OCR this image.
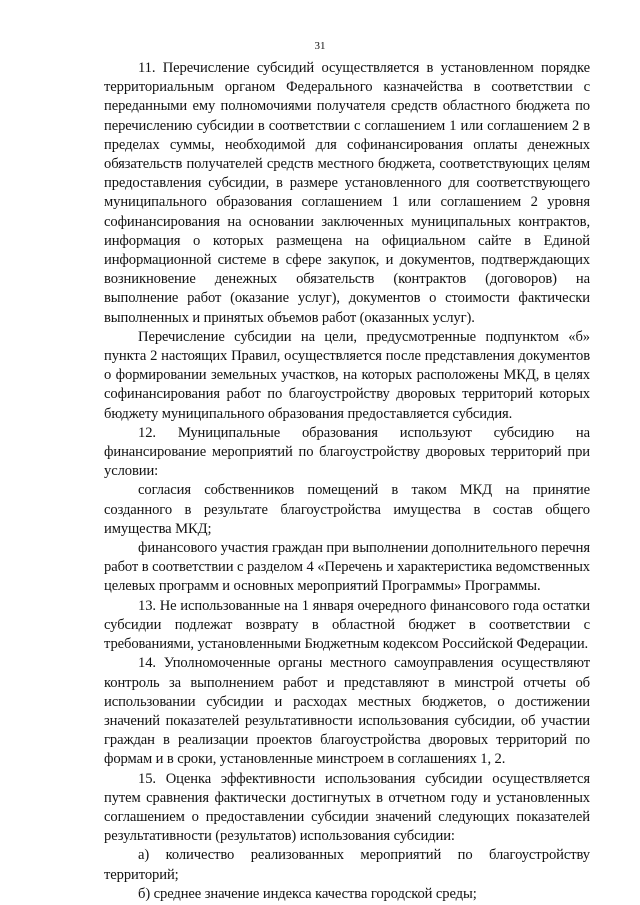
31

11. Перечисление субсидий осуществляется в установленном порядке территориальным органом Федерального казначейства в соответствии с переданными ему полномочиями получателя средств областного бюджета по перечислению субсидии в соответствии с соглашением 1 или соглашением 2 в пределах суммы, необходимой для софинансирования оплаты денежных обязательств получателей средств местного бюджета, соответствующих целям предоставления субсидии, в размере установленного для соответствующего муниципального образования соглашением 1 или соглашением 2 уровня софинансирования на основании заключенных муниципальных контрактов, информация о которых размещена на официальном сайте в Единой информационной системе в сфере закупок, и документов, подтверждающих возникновение денежных обязательств (контрактов (договоров) на выполнение работ (оказание услуг), документов о стоимости фактически выполненных и принятых объемов работ (оказанных услуг).

Перечисление субсидии на цели, предусмотренные подпунктом «б» пункта 2 настоящих Правил, осуществляется после представления документов о формировании земельных участков, на которых расположены МКД, в целях софинансирования работ по благоустройству дворовых территорий которых бюджету муниципального образования предоставляется субсидия.

12. Муниципальные образования используют субсидию на финансирование мероприятий по благоустройству дворовых территорий при условии:

согласия собственников помещений в таком МКД на принятие созданного в результате благоустройства имущества в состав общего имущества МКД;

финансового участия граждан при выполнении дополнительного перечня работ в соответствии с разделом 4 «Перечень и характеристика ведомственных целевых программ и основных мероприятий Программы» Программы.

13. Не использованные на 1 января очередного финансового года остатки субсидии подлежат возврату в областной бюджет в соответствии с требованиями, установленными Бюджетным кодексом Российской Федерации.

14. Уполномоченные органы местного самоуправления осуществляют контроль за выполнением работ и представляют в минстрой отчеты об использовании субсидии и расходах местных бюджетов, о достижении значений показателей результативности использования субсидии, об участии граждан в реализации проектов благоустройства дворовых территорий по формам и в сроки, установленные минстроем в соглашениях 1, 2.

15. Оценка эффективности использования субсидии осуществляется путем сравнения фактически достигнутых в отчетном году и установленных соглашением о предоставлении субсидии значений следующих показателей результативности (результатов) использования субсидии:

а) количество реализованных мероприятий по благоустройству территорий;

б) среднее значение индекса качества городской среды;
